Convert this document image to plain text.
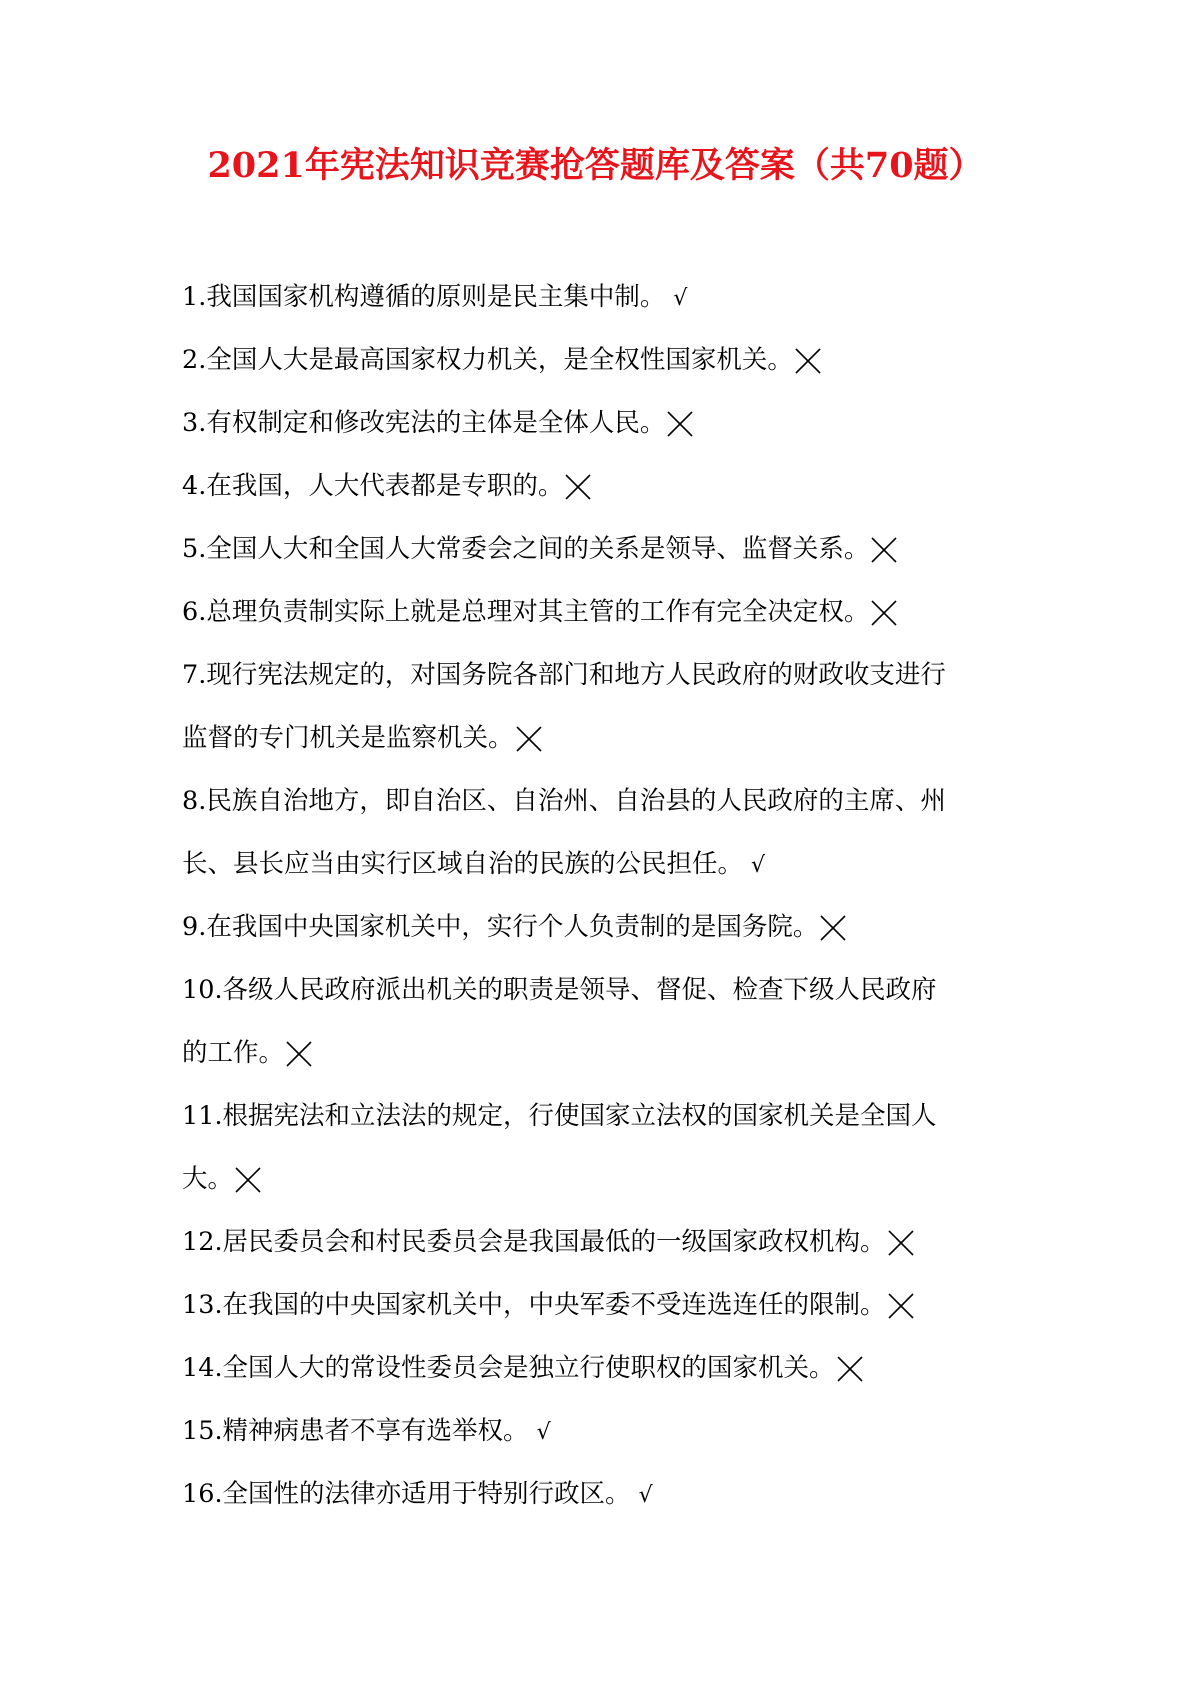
2021年宪法知识竞赛抢答题库及答案（共70题）
1.我国国家机构遵循的原则是民主集中制。 √
2.全国人大是最高国家权力机关，是全权性国家机关。
3.有权制定和修改宪法的主体是全体人民。
4.在我国，人大代表都是专职的。
5.全国人大和全国人大常委会之间的关系是领导、监督关系。
6.总理负责制实际上就是总理对其主管的工作有完全决定权。
7.现行宪法规定的，对国务院各部门和地方人民政府的财政收支进行
监督的专门机关是监察机关。
8.民族自治地方，即自治区、自治州、自治县的人民政府的主席、州
长、县长应当由实行区域自治的民族的公民担任。 √
9.在我国中央国家机关中，实行个人负责制的是国务院。
10.各级人民政府派出机关的职责是领导、督促、检查下级人民政府
的工作。
11.根据宪法和立法法的规定，行使国家立法权的国家机关是全国人
大。
12.居民委员会和村民委员会是我国最低的一级国家政权机构。
13.在我国的中央国家机关中，中央军委不受连选连任的限制。
14.全国人大的常设性委员会是独立行使职权的国家机关。
15.精神病患者不享有选举权。 √
16.全国性的法律亦适用于特别行政区。 √
